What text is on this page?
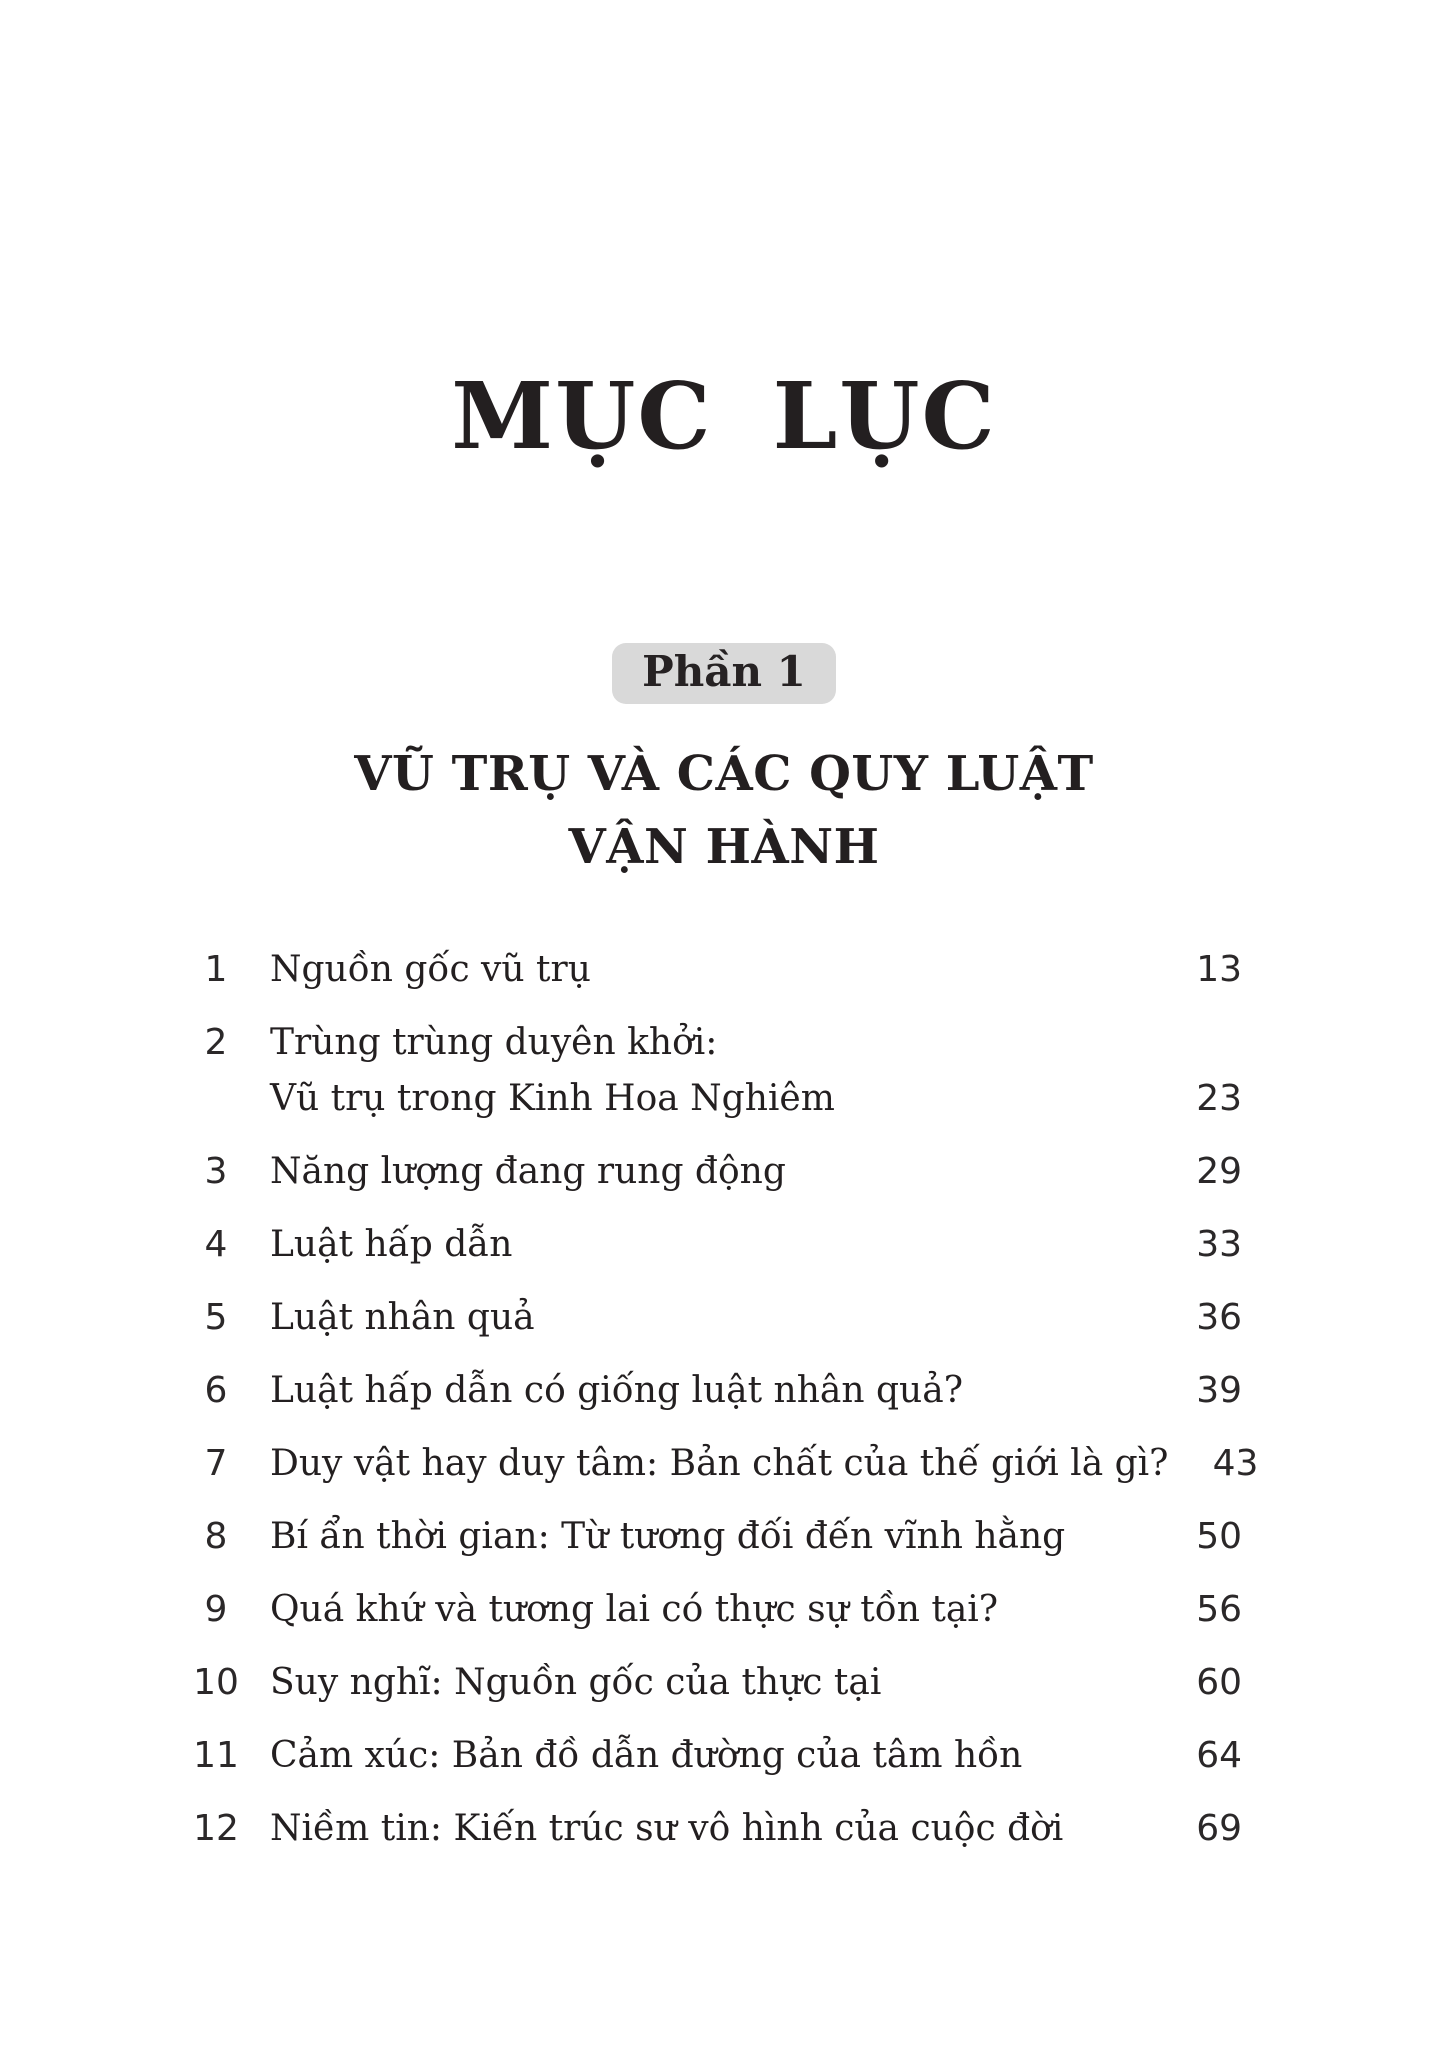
MỤC LỤC
Phần 1
VŨ TRỤ VÀ CÁC QUY LUẬT
VẬN HÀNH
1	Nguồn gốc vũ trụ	13
2	Trùng trùng duyên khởi:
Vũ trụ trong Kinh Hoa Nghiêm	23
3	Năng lượng đang rung động	29
4	Luật hấp dẫn	33
5	Luật nhân quả	36
6	Luật hấp dẫn có giống luật nhân quả?	39
7	Duy vật hay duy tâm: Bản chất của thế giới là gì?	43
8	Bí ẩn thời gian: Từ tương đối đến vĩnh hằng	50
9	Quá khứ và tương lai có thực sự tồn tại?	56
10 Suy nghĩ: Nguồn gốc của thực tại	60
11 Cảm xúc: Bản đồ dẫn đường của tâm hồn	64
12 Niềm tin: Kiến trúc sư vô hình của cuộc đời	69
